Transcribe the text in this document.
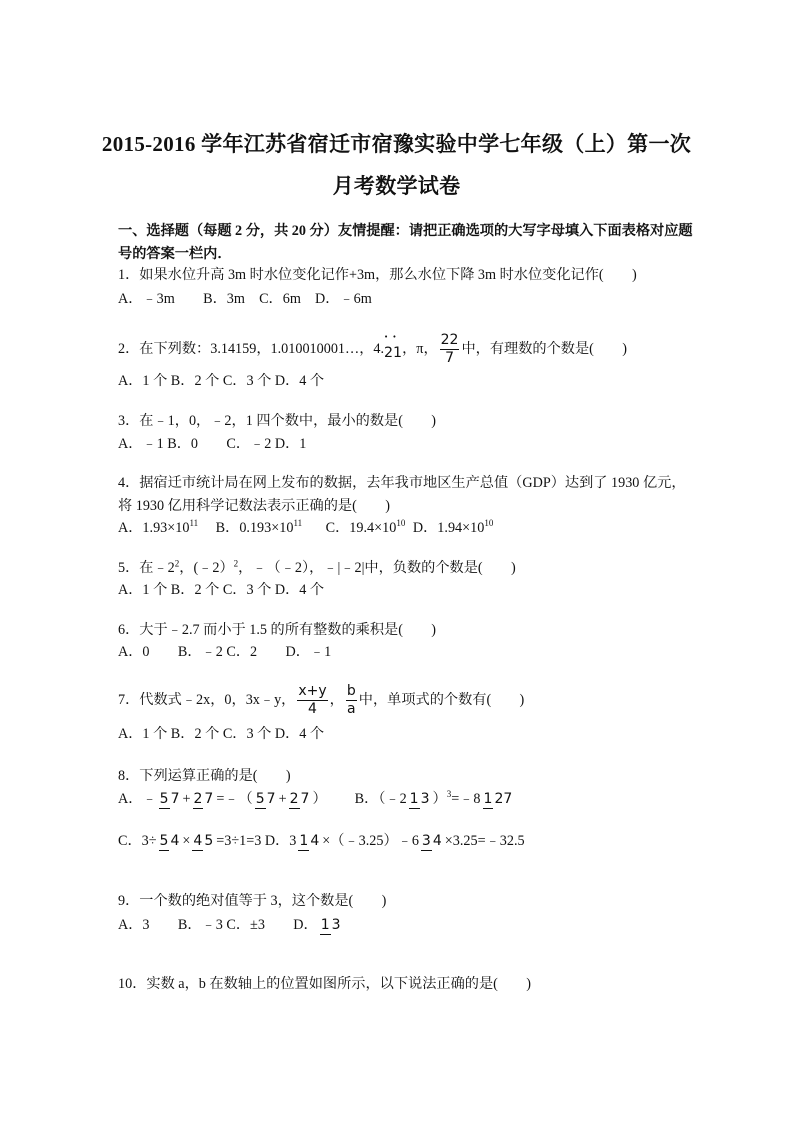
2015-2016 学年江苏省宿迁市宿豫实验中学七年级（上）第一次
月考数学试卷
一、选择题（每题 2 分，共 20 分）友情提醒：请把正确选项的大写字母填入下面表格对应题号的答案一栏内．
1．如果水位升高 3m 时水位变化记作+3m，那么水位下降 3m 时水位变化记作(　　)
A．﹣3m　　B．3m　C．6m　D．﹣6m
2．在下列数：3.14159，1.010010001…，4.• • 21，π， $\frac{22}{7}$ 中，有理数的个数是(　　)
A．1 个 B．2 个 C．3 个 D．4 个
3．在﹣1，0，﹣2，1 四个数中，最小的数是(　　)
A．﹣1 B．0　　C．﹣2 D．1
4．据宿迁市统计局在网上发布的数据，去年我市地区生产总值（GDP）达到了 1930 亿元，
将 1930 亿用科学记数法表示正确的是(　　)
A．1.93×1011 B．0.193×1011 C．19.4×1010 D．1.94×1010
5．在$﹣2^2$，(﹣2）$^2$，﹣（﹣2），﹣|﹣2|中，负数的个数是(　　)
A．1 个 B．2 个 C．3 个 D．4 个
6．大于﹣2.7 而小于 1.5 的所有整数的乘积是(　　)
A．0　　B．﹣2 C．2　　D．﹣1
7．代数式﹣2x，0，3x﹣y， $\frac{x+y}{4}$ ， $\frac{b}{a}$ 中，单项式的个数有(　　)
A．1 个 B．2 个 C．3 个 D．4 个
8．下列运算正确的是(　　)
A．﹣ 5 7 + 2 7 =﹣（ 5 7 + 2 7 ） B．（﹣2 1 3 ）3=﹣8 1 27
C．3÷ 5 4 × 4 5 =3÷1=3 D．3 1 4 ×（﹣3.25）﹣6 3 4 ×3.25=﹣32.5
9．一个数的绝对值等于 3，这个数是(　　)
A．3　　B．﹣3 C．±3　　D． 1 3
10．实数 a，b 在数轴上的位置如图所示，以下说法正确的是(　　)
